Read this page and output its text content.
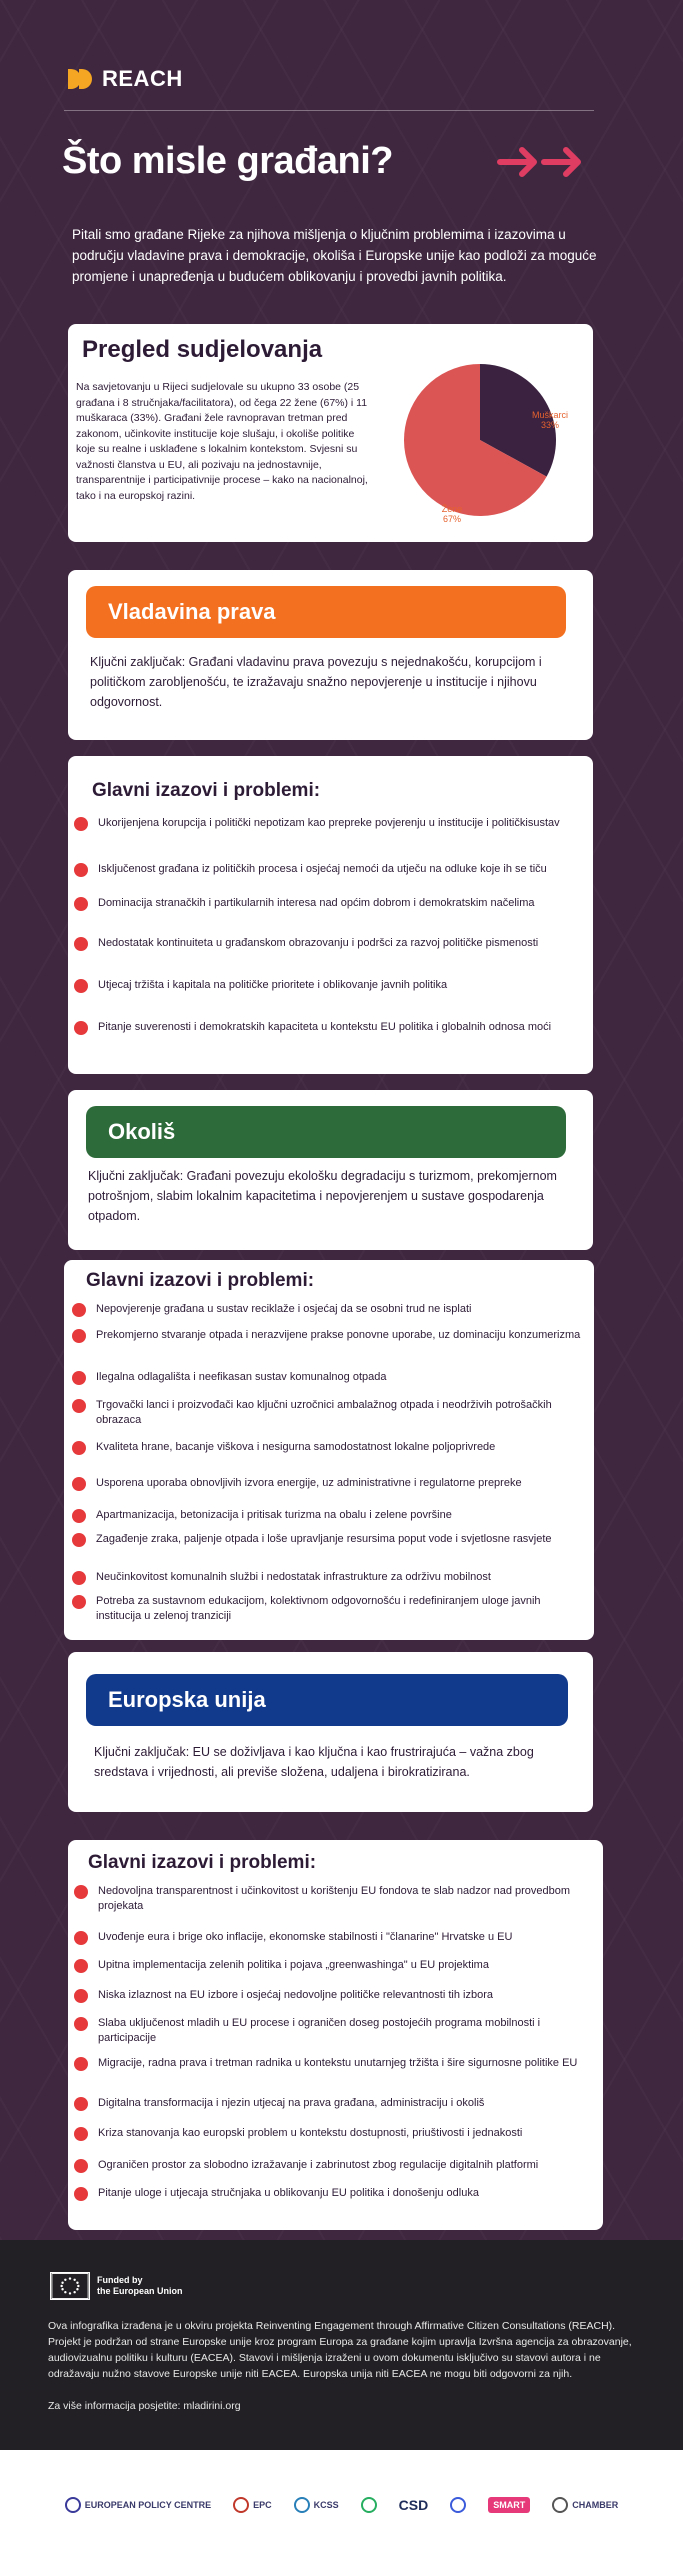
REACH
Što misle građani?

Pitali smo građane Rijeke za njihova mišljenja o ključnim problemima i izazovima u području vladavine prava i demokracije, okoliša i Europske unije kao podloži za moguće promjene i unapređenja u budućem oblikovanju i provedbi javnih politika.

Pregled sudjelovanja

Na savjetovanju u Rijeci sudjelovale su ukupno 33 osobe (25 građana i 8 stručnjaka/facilitatora), od čega 22 žene (67%) i 11 muškaraca (33%). Građani žele ravnopravan tretman pred zakonom, učinkovite institucije koje slušaju, i okoliše politike koje su realne i usklađene s lokalnim kontekstom. Svjesni su važnosti članstva u EU, ali pozivaju na jednostavnije, transparentnije i participativnije procese – kako na nacionalnoj, tako i na europskoj razini.

Muškarci 33%
Žene 67%
Vladavina prava

Ključni zaključak: Građani vladavinu prava povezuju s nejednakošću, korupcijom i političkom zarobljenošću, te izražavaju snažno nepovjerenje u institucije i njihovu odgovornost.

Glavni izazovi i problemi:
Ukorijenjena korupcija i politički nepotizam kao prepreke povjerenju u institucije i političkisustav
Isključenost građana iz političkih procesa i osjećaj nemoći da utječu na odluke koje ih se tiču
Dominacija stranačkih i partikularnih interesa nad općim dobrom i demokratskim načelima
Nedostatak kontinuiteta u građanskom obrazovanju i podršci za razvoj političke pismenosti
Utjecaj tržišta i kapitala na političke prioritete i oblikovanje javnih politika
Pitanje suverenosti i demokratskih kapaciteta u kontekstu EU politika i globalnih odnosa moći
Okoliš

Ključni zaključak: Građani povezuju ekološku degradaciju s turizmom, prekomjernom potrošnjom, slabim lokalnim kapacitetima i nepovjerenjem u sustave gospodarenja otpadom.

Glavni izazovi i problemi:
Nepovjerenje građana u sustav reciklaže i osjećaj da se osobni trud ne isplati
Prekomjerno stvaranje otpada i nerazvijene prakse ponovne uporabe, uz dominaciju konzumerizma
Ilegalna odlagališta i neefikasan sustav komunalnog otpada
Trgovački lanci i proizvođači kao ključni uzročnici ambalažnog otpada i neodrživih potrošačkih obrazaca
Kvaliteta hrane, bacanje viškova i nesigurna samodostatnost lokalne poljoprivrede
Usporena uporaba obnovljivih izvora energije, uz administrativne i regulatorne prepreke
Apartmanizacija, betonizacija i pritisak turizma na obalu i zelene površine
Zagađenje zraka, paljenje otpada i loše upravljanje resursima poput vode i svjetlosne rasvjete
Neučinkovitost komunalnih službi i nedostatak infrastrukture za održivu mobilnost
Potreba za sustavnom edukacijom, kolektivnom odgovornošću i redefiniranjem uloge javnih institucija u zelenoj tranziciji
Europska unija

Ključni zaključak: EU se doživljava i kao ključna i kao frustrirajuća – važna zbog sredstava i vrijednosti, ali previše složena, udaljena i birokratizirana.

Glavni izazovi i problemi:
Nedovoljna transparentnost i učinkovitost u korištenju EU fondova te slab nadzor nad provedbom projekata
Uvođenje eura i brige oko inflacije, ekonomske stabilnosti i "članarine" Hrvatske u EU
Upitna implementacija zelenih politika i pojava „greenwashinga" u EU projektima
Niska izlaznost na EU izbore i osjećaj nedovoljne političke relevantnosti tih izbora
Slaba uključenost mladih u EU procese i ograničen doseg postojećih programa mobilnosti i participacije
Migracije, radna prava i tretman radnika u kontekstu unutarnjeg tržišta i šire sigurnosne politike EU
Digitalna transformacija i njezin utjecaj na prava građana, administraciju i okoliš
Kriza stanovanja kao europski problem u kontekstu dostupnosti, priuštivosti i jednakosti
Ograničen prostor za slobodno izražavanje i zabrinutost zbog regulacije digitalnih platformi
Pitanje uloge i utjecaja stručnjaka u oblikovanju EU politika i donošenju odluka
Funded by
the European Union

Ova infografika izrađena je u okviru projekta Reinventing Engagement through Affirmative Citizen Consultations (REACH). Projekt je podržan od strane Europske unije kroz program Europa za građane kojim upravlja Izvršna agencija za obrazovanje, audiovizualnu politiku i kulturu (EACEA). Stavovi i mišljenja izraženi u ovom dokumentu isključivo su stavovi autora i ne odražavaju nužno stavove Europske unije niti EACEA. Europska unija niti EACEA ne mogu biti odgovorni za njih.

Za više informacija posjetite: mladirini.org

EUROPEAN POLICY CENTRE	EPC	KCSS	CSD	SMART	CHAMBER
